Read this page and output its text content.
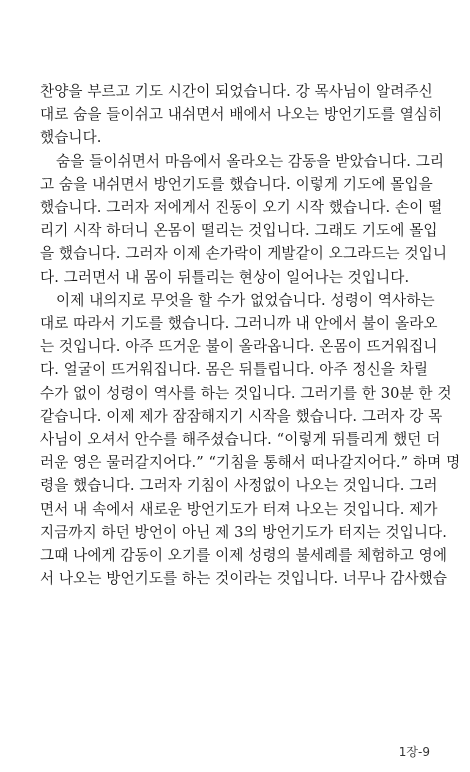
찬양을 부르고 기도 시간이 되었습니다. 강 목사님이 알려주신
대로 숨을 들이쉬고 내쉬면서 배에서 나오는 방언기도를 열심히
했습니다.
숨을 들이쉬면서 마음에서 올라오는 감동을 받았습니다. 그리
고 숨을 내쉬면서 방언기도를 했습니다. 이렇게 기도에 몰입을
했습니다. 그러자 저에게서 진동이 오기 시작 했습니다. 손이 떨
리기 시작 하더니 온몸이 떨리는 것입니다. 그래도 기도에 몰입
을 했습니다. 그러자 이제 손가락이 게발같이 오그라드는 것입니
다. 그러면서 내 몸이 뒤틀리는 현상이 일어나는 것입니다.
이제 내의지로 무엇을 할 수가 없었습니다. 성령이 역사하는
대로 따라서 기도를 했습니다. 그러니까 내 안에서 불이 올라오
는 것입니다. 아주 뜨거운 불이 올라옵니다. 온몸이 뜨거워집니
다. 얼굴이 뜨거워집니다. 몸은 뒤틀립니다. 아주 정신을 차릴
수가 없이 성령이 역사를 하는 것입니다. 그러기를 한 30분 한 것
같습니다. 이제 제가 잠잠해지기 시작을 했습니다. 그러자 강 목
사님이 오셔서 안수를 해주셨습니다. “이렇게 뒤틀리게 했던 더
러운 영은 물러갈지어다.” “기침을 통해서 떠나갈지어다.” 하며 명
령을 했습니다. 그러자 기침이 사정없이 나오는 것입니다. 그러
면서 내 속에서 새로운 방언기도가 터져 나오는 것입니다. 제가
지금까지 하던 방언이 아닌 제 3의 방언기도가 터지는 것입니다.
그때 나에게 감동이 오기를 이제 성령의 불세례를 체험하고 영에
서 나오는 방언기도를 하는 것이라는 것입니다. 너무나 감사했습
1장-9
